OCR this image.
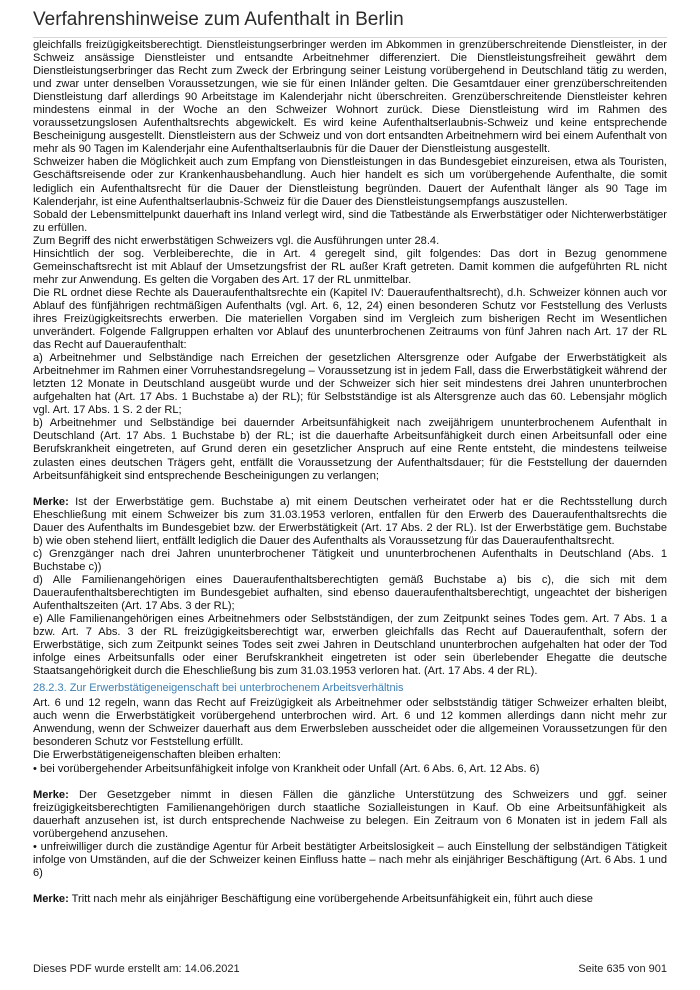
Verfahrenshinweise zum Aufenthalt in Berlin

gleichfalls freizügigkeitsberechtigt. Dienstleistungserbringer werden im Abkommen in grenzüberschreitende Dienstleister, in der Schweiz ansässige Dienstleister und entsandte Arbeitnehmer differenziert. Die Dienstleistungsfreiheit gewährt dem Dienstleistungserbringer das Recht zum Zweck der Erbringung seiner Leistung vorübergehend in Deutschland tätig zu werden, und zwar unter denselben Voraussetzungen, wie sie für einen Inländer gelten. Die Gesamtdauer einer grenzüberschreitenden Dienstleistung darf allerdings 90 Arbeitstage im Kalenderjahr nicht überschreiten. Grenzüberschreitende Dienstleister kehren mindestens einmal in der Woche an den Schweizer Wohnort zurück. Diese Dienstleistung wird im Rahmen des voraussetzungslosen Aufenthaltsrechts abgewickelt. Es wird keine Aufenthaltserlaubnis-Schweiz und keine entsprechende Bescheinigung ausgestellt. Dienstleistern aus der Schweiz und von dort entsandten Arbeitnehmern wird bei einem Aufenthalt von mehr als 90 Tagen im Kalenderjahr eine Aufenthaltserlaubnis für die Dauer der Dienstleistung ausgestellt.

Schweizer haben die Möglichkeit auch zum Empfang von Dienstleistungen in das Bundesgebiet einzureisen, etwa als Touristen, Geschäftsreisende oder zur Krankenhausbehandlung. Auch hier handelt es sich um vorübergehende Aufenthalte, die somit lediglich ein Aufenthaltsrecht für die Dauer der Dienstleistung begründen. Dauert der Aufenthalt länger als 90 Tage im Kalenderjahr, ist eine Aufenthaltserlaubnis-Schweiz für die Dauer des Dienstleistungsempfangs auszustellen.

Sobald der Lebensmittelpunkt dauerhaft ins Inland verlegt wird, sind die Tatbestände als Erwerbstätiger oder Nichterwerbstätiger zu erfüllen.

Zum Begriff des nicht erwerbstätigen Schweizers vgl. die Ausführungen unter 28.4.

Hinsichtlich der sog. Verbleiberechte, die in Art. 4 geregelt sind, gilt folgendes: Das dort in Bezug genommene Gemeinschaftsrecht ist mit Ablauf der Umsetzungsfrist der RL außer Kraft getreten. Damit kommen die aufgeführten RL nicht mehr zur Anwendung. Es gelten die Vorgaben des Art. 17 der RL unmittelbar.

Die RL ordnet diese Rechte als Daueraufenthaltsrechte ein (Kapitel IV: Daueraufenthaltsrecht), d.h. Schweizer können auch vor Ablauf des fünfjährigen rechtmäßigen Aufenthalts (vgl. Art. 6, 12, 24) einen besonderen Schutz vor Feststellung des Verlusts ihres Freizügigkeitsrechts erwerben. Die materiellen Vorgaben sind im Vergleich zum bisherigen Recht im Wesentlichen unverändert. Folgende Fallgruppen erhalten vor Ablauf des ununterbrochenen Zeitraums von fünf Jahren nach Art. 17 der RL das Recht auf Daueraufenthalt:

a) Arbeitnehmer und Selbständige nach Erreichen der gesetzlichen Altersgrenze oder Aufgabe der Erwerbstätigkeit als Arbeitnehmer im Rahmen einer Vorruhestandsregelung – Voraussetzung ist in jedem Fall, dass die Erwerbstätigkeit während der letzten 12 Monate in Deutschland ausgeübt wurde und der Schweizer sich hier seit mindestens drei Jahren ununterbrochen aufgehalten hat (Art. 17 Abs. 1 Buchstabe a) der RL); für Selbstständige ist als Altersgrenze auch das 60. Lebensjahr möglich vgl. Art. 17 Abs. 1 S. 2 der RL;

b) Arbeitnehmer und Selbständige bei dauernder Arbeitsunfähigkeit nach zweijährigem ununterbrochenem Aufenthalt in Deutschland (Art. 17 Abs. 1 Buchstabe b) der RL; ist die dauerhafte Arbeitsunfähigkeit durch einen Arbeitsunfall oder eine Berufskrankheit eingetreten, auf Grund deren ein gesetzlicher Anspruch auf eine Rente entsteht, die mindestens teilweise zulasten eines deutschen Trägers geht, entfällt die Voraussetzung der Aufenthaltsdauer; für die Feststellung der dauernden Arbeitsunfähigkeit sind entsprechende Bescheinigungen zu verlangen;

Merke: Ist der Erwerbstätige gem. Buchstabe a) mit einem Deutschen verheiratet oder hat er die Rechtsstellung durch Eheschließung mit einem Schweizer bis zum 31.03.1953 verloren, entfallen für den Erwerb des Daueraufenthaltsrechts die Dauer des Aufenthalts im Bundesgebiet bzw. der Erwerbstätigkeit (Art. 17 Abs. 2 der RL). Ist der Erwerbstätige gem. Buchstabe b) wie oben stehend liiert, entfällt lediglich die Dauer des Aufenthalts als Voraussetzung für das Daueraufenthaltsrecht.

c) Grenzgänger nach drei Jahren ununterbrochener Tätigkeit und ununterbrochenen Aufenthalts in Deutschland (Abs. 1 Buchstabe c))

d) Alle Familienangehörigen eines Daueraufenthaltsberechtigten gemäß Buchstabe a) bis c), die sich mit dem Daueraufenthaltsberechtigten im Bundesgebiet aufhalten, sind ebenso daueraufenthaltsberechtigt, ungeachtet der bisherigen Aufenthaltszeiten (Art. 17 Abs. 3 der RL);

e) Alle Familienangehörigen eines Arbeitnehmers oder Selbstständigen, der zum Zeitpunkt seines Todes gem. Art. 7 Abs. 1 a bzw. Art. 7 Abs. 3 der RL freizügigkeitsberechtigt war, erwerben gleichfalls das Recht auf Daueraufenthalt, sofern der Erwerbstätige, sich zum Zeitpunkt seines Todes seit zwei Jahren in Deutschland ununterbrochen aufgehalten hat oder der Tod infolge eines Arbeitsunfalls oder einer Berufskrankheit eingetreten ist oder sein überlebender Ehegatte die deutsche Staatsangehörigkeit durch die Eheschließung bis zum 31.03.1953 verloren hat. (Art. 17 Abs. 4 der RL).

28.2.3. Zur Erwerbstätigeneigenschaft bei unterbrochenem Arbeitsverhältnis

Art. 6 und 12 regeln, wann das Recht auf Freizügigkeit als Arbeitnehmer oder selbstständig tätiger Schweizer erhalten bleibt, auch wenn die Erwerbstätigkeit vorübergehend unterbrochen wird. Art. 6 und 12 kommen allerdings dann nicht mehr zur Anwendung, wenn der Schweizer dauerhaft aus dem Erwerbsleben ausscheidet oder die allgemeinen Voraussetzungen für den besonderen Schutz vor Feststellung erfüllt.

Die Erwerbstätigeneigenschaften bleiben erhalten:

• bei vorübergehender Arbeitsunfähigkeit infolge von Krankheit oder Unfall (Art. 6 Abs. 6, Art. 12 Abs. 6)

Merke: Der Gesetzgeber nimmt in diesen Fällen die gänzliche Unterstützung des Schweizers und ggf. seiner freizügigkeitsberechtigten Familienangehörigen durch staatliche Sozialleistungen in Kauf. Ob eine Arbeitsunfähigkeit als dauerhaft anzusehen ist, ist durch entsprechende Nachweise zu belegen. Ein Zeitraum von 6 Monaten ist in jedem Fall als vorübergehend anzusehen.

• unfreiwilliger durch die zuständige Agentur für Arbeit bestätigter Arbeitslosigkeit – auch Einstellung der selbständigen Tätigkeit infolge von Umständen, auf die der Schweizer keinen Einfluss hatte – nach mehr als einjähriger Beschäftigung (Art. 6 Abs. 1 und 6)

Merke: Tritt nach mehr als einjähriger Beschäftigung eine vorübergehende Arbeitsunfähigkeit ein, führt auch diese

Dieses PDF wurde erstellt am: 14.06.2021	Seite 635 von 901
